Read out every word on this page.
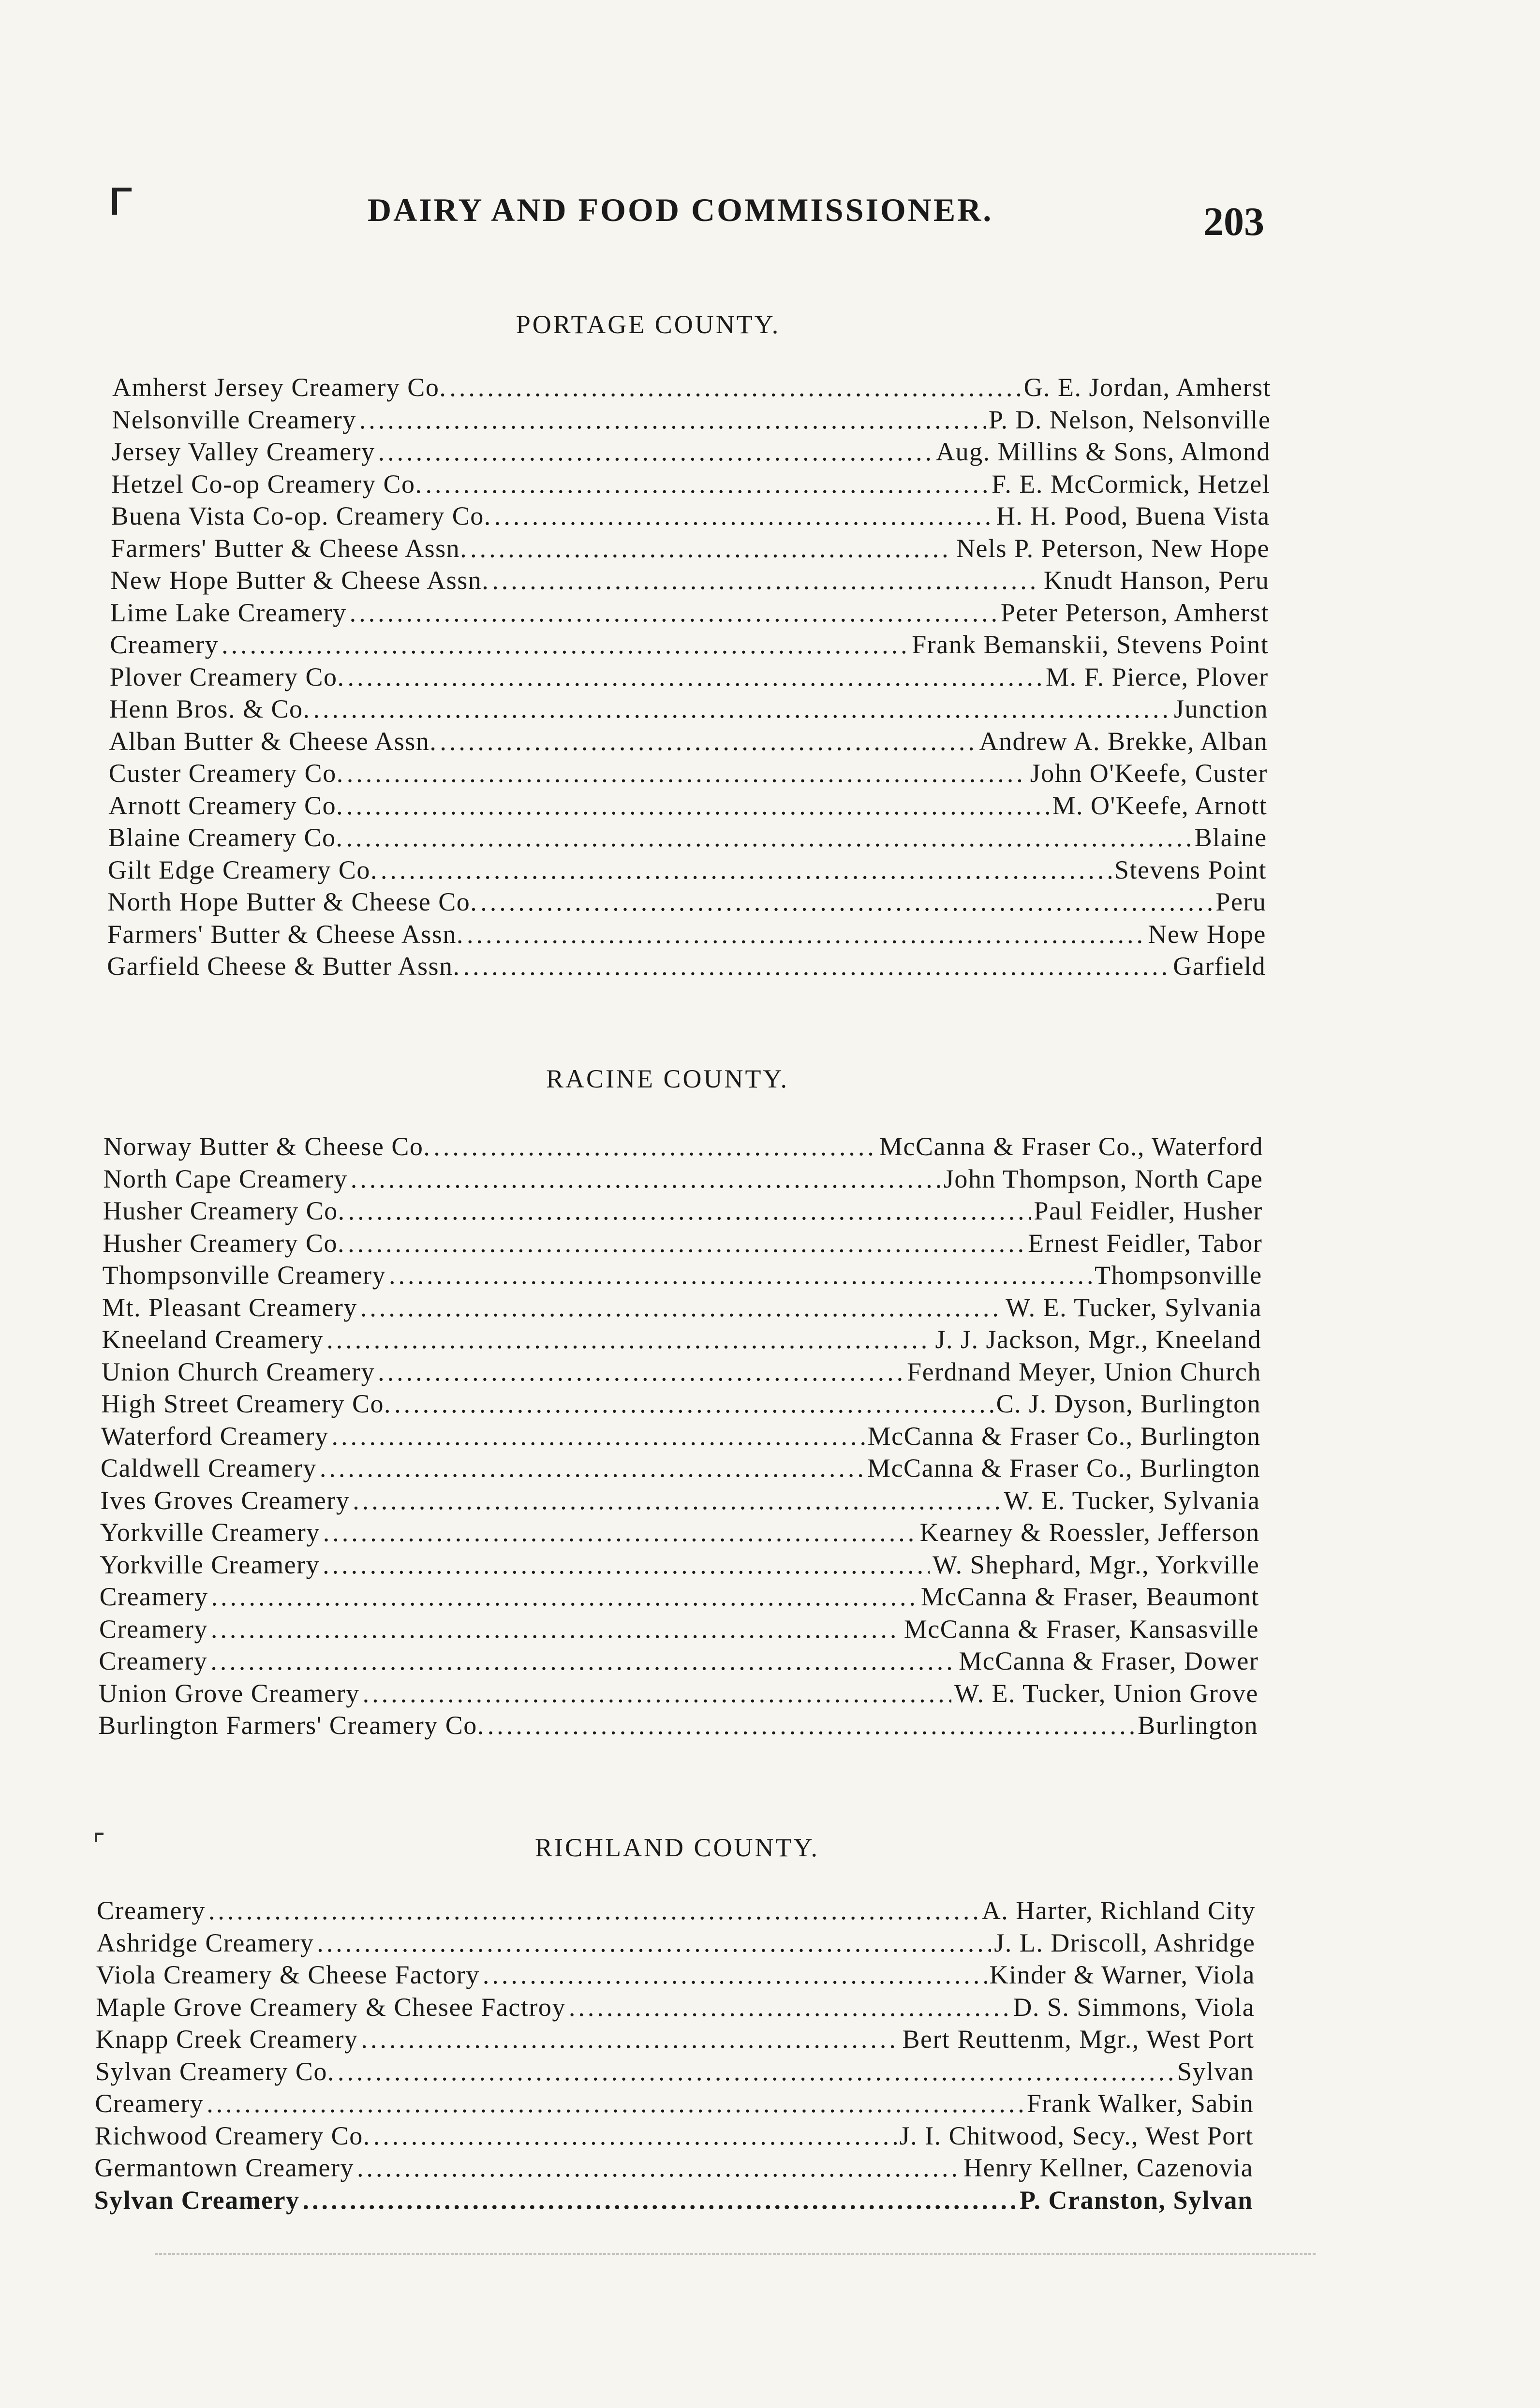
DAIRY AND FOOD COMMISSIONER.	203
PORTAGE COUNTY.
Amherst Jersey Creamery Co. .....	G. E. Jordan, Amherst
Nelsonville Creamery .....	P. D. Nelson, Nelsonville
Jersey Valley Creamery .....	Aug. Millins & Sons, Almond
Hetzel Co-op Creamery Co. .....	F. E. McCormick, Hetzel
Buena Vista Co-op. Creamery Co. .....	H. H. Pood, Buena Vista
Farmers' Butter & Cheese Assn. .....	Nels P. Peterson, New Hope
New Hope Butter & Cheese Assn. .....	Knudt Hanson, Peru
Lime Lake Creamery .....	Peter Peterson, Amherst
Creamery .....	Frank Bemanskii, Stevens Point
Plover Creamery Co. .....	M. F. Pierce, Plover
Henn Bros. & Co. .....	Junction
Alban Butter & Cheese Assn. .....	Andrew A. Brekke, Alban
Custer Creamery Co. .....	John O'Keefe, Custer
Arnott Creamery Co. .....	M. O'Keefe, Arnott
Blaine Creamery Co. .....	Blaine
Gilt Edge Creamery Co. .....	Stevens Point
North Hope Butter & Cheese Co. .....	Peru
Farmers' Butter & Cheese Assn. .....	New Hope
Garfield Cheese & Butter Assn. .....	Garfield
RACINE COUNTY.
Norway Butter & Cheese Co. .....	McCanna & Fraser Co., Waterford
North Cape Creamery .....	John Thompson, North Cape
Husher Creamery Co. .....	Paul Feidler, Husher
Husher Creamery Co. .....	Ernest Feidler, Tabor
Thompsonville Creamery .....	Thompsonville
Mt. Pleasant Creamery .....	W. E. Tucker, Sylvania
Kneeland Creamery .....	J. J. Jackson, Mgr., Kneeland
Union Church Creamery .....	Ferdnand Meyer, Union Church
High Street Creamery Co. .....	C. J. Dyson, Burlington
Waterford Creamery .....	McCanna & Fraser Co., Burlington
Caldwell Creamery .....	McCanna & Fraser Co., Burlington
Ives Groves Creamery .....	W. E. Tucker, Sylvania
Yorkville Creamery .....	Kearney & Roessler, Jefferson
Yorkville Creamery .....	W. Shephard, Mgr., Yorkville
Creamery .....	McCanna & Fraser, Beaumont
Creamery .....	McCanna & Fraser, Kansasville
Creamery .....	McCanna & Fraser, Dower
Union Grove Creamery .....	W. E. Tucker, Union Grove
Burlington Farmers' Creamery Co. .....	Burlington
RICHLAND COUNTY.
Creamery .....	A. Harter, Richland City
Ashridge Creamery .....	J. L. Driscoll, Ashridge
Viola Creamery & Cheese Factory .....	Kinder & Warner, Viola
Maple Grove Creamery & Chesee Factroy .....	D. S. Simmons, Viola
Knapp Creek Creamery .....	Bert Reuttenm, Mgr., West Port
Sylvan Creamery Co. .....	Sylvan
Creamery .....	Frank Walker, Sabin
Richwood Creamery Co. .....	J. I. Chitwood, Secy., West Port
Germantown Creamery .....	Henry Kellner, Cazenovia
Sylvan Creamery .....	P. Cranston, Sylvan
